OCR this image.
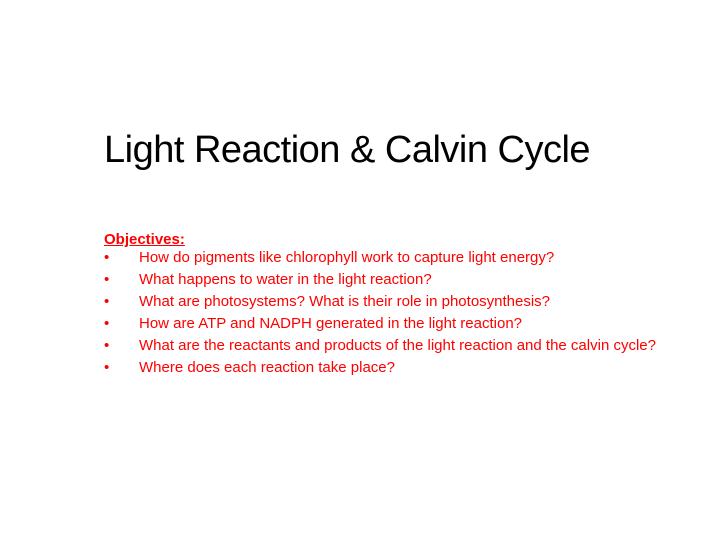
Light Reaction & Calvin Cycle
Objectives:
•	How do pigments like chlorophyll work to capture light energy?
•	What happens to water in the light reaction?
•	What are photosystems? What is their role in photosynthesis?
•	How are ATP and NADPH generated in the light reaction?
•	What are the reactants and products of the light reaction and the calvin cycle?
•	Where does each reaction take place?
